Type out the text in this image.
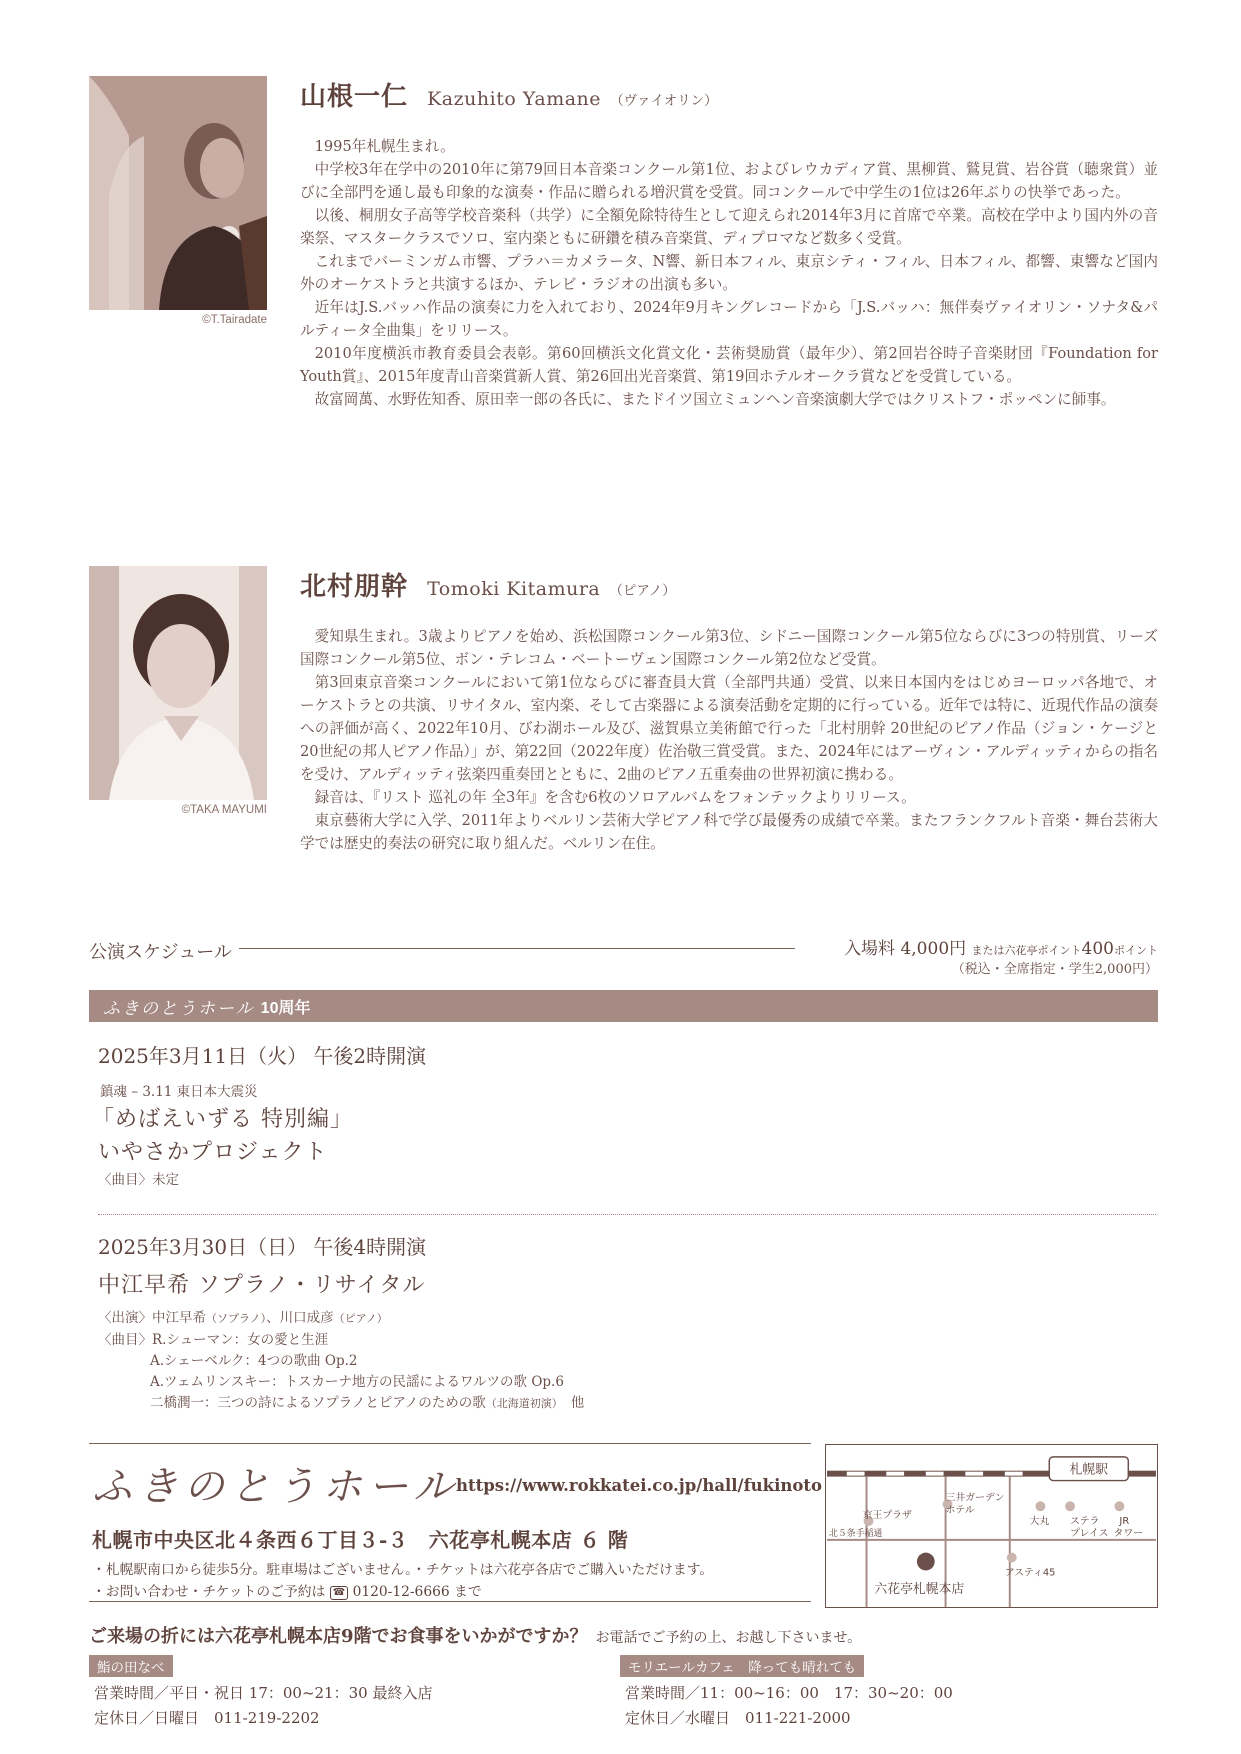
©T.Tairadate
山根一仁 Kazuhito Yamane （ヴァイオリン）

1995年札幌生まれ。

中学校3年在学中の2010年に第79回日本音楽コンクール第1位、およびレウカディア賞、黒柳賞、鷲見賞、岩谷賞（聴衆賞）並びに全部門を通し最も印象的な演奏・作品に贈られる増沢賞を受賞。同コンクールで中学生の1位は26年ぶりの快挙であった。

以後、桐朋女子高等学校音楽科（共学）に全額免除特待生として迎えられ2014年3月に首席で卒業。高校在学中より国内外の音楽祭、マスタークラスでソロ、室内楽ともに研鑽を積み音楽賞、ディプロマなど数多く受賞。

これまでバーミンガム市響、プラハ＝カメラータ、N響、新日本フィル、東京シティ・フィル、日本フィル、都響、東響など国内外のオーケストラと共演するほか、テレビ・ラジオの出演も多い。

近年はJ.S.バッハ作品の演奏に力を入れており、2024年9月キングレコードから「J.S.バッハ：無伴奏ヴァイオリン・ソナタ&パルティータ全曲集」をリリース。

2010年度横浜市教育委員会表彰。第60回横浜文化賞文化・芸術奨励賞（最年少）、第2回岩谷時子音楽財団『Foundation for Youth賞』、2015年度青山音楽賞新人賞、第26回出光音楽賞、第19回ホテルオークラ賞などを受賞している。

故富岡萬、水野佐知香、原田幸一郎の各氏に、またドイツ国立ミュンヘン音楽演劇大学ではクリストフ・ポッペンに師事。

©TAKA MAYUMI
北村朋幹 Tomoki Kitamura （ピアノ）

愛知県生まれ。3歳よりピアノを始め、浜松国際コンクール第3位、シドニー国際コンクール第5位ならびに3つの特別賞、リーズ国際コンクール第5位、ボン・テレコム・ベートーヴェン国際コンクール第2位など受賞。

第3回東京音楽コンクールにおいて第1位ならびに審査員大賞（全部門共通）受賞、以来日本国内をはじめヨーロッパ各地で、オーケストラとの共演、リサイタル、室内楽、そして古楽器による演奏活動を定期的に行っている。近年では特に、近現代作品の演奏への評価が高く、2022年10月、びわ湖ホール及び、滋賀県立美術館で行った「北村朋幹 20世紀のピアノ作品（ジョン・ケージと20世紀の邦人ピアノ作品）」が、第22回（2022年度）佐治敬三賞受賞。また、2024年にはアーヴィン・アルディッティからの指名を受け、アルディッティ弦楽四重奏団とともに、2曲のピアノ五重奏曲の世界初演に携わる。

録音は、『リスト 巡礼の年 全3年』を含む6枚のソロアルバムをフォンテックよりリリース。

東京藝術大学に入学、2011年よりベルリン芸術大学ピアノ科で学び最優秀の成績で卒業。またフランクフルト音楽・舞台芸術大学では歴史的奏法の研究に取り組んだ。ベルリン在住。

公演スケジュール	入場料 4,000円 または六花亭ポイント400ポイント
（税込・全席指定・学生2,000円）
ふきのとうホール 10周年
2025年3月11日（火） 午後2時開演
鎮魂 – 3.11 東日本大震災
「めばえいずる 特別編」
いやさかプロジェクト
〈曲目〉未定
2025年3月30日（日） 午後4時開演
中江早希 ソプラノ・リサイタル
〈出演〉中江早希（ソプラノ）、川口成彦（ピアノ）
〈曲目〉R.シューマン：女の愛と生涯
A.シェーベルク：4つの歌曲 Op.2
A.ツェムリンスキー：トスカーナ地方の民謡によるワルツの歌 Op.6
二橋潤一：三つの詩によるソプラノとピアノのための歌（北海道初演）　 他
ふきのとうホール
https://www.rokkatei.co.jp/hall/fukinoto
札幌市中央区北４条西６丁目３-３　六花亭札幌本店 ６ 階
・札幌駅南口から徒歩5分。駐車場はございません。・チケットは六花亭各店でご購入いただけます。
・お問い合わせ・チケットのご予約は ☎ 0120-12-6666 まで
札幌駅
京王プラザ
三井ガーデン
ホテル
大丸 ステラ
プレイス
JR
タワー
北５条手稲通
アスティ45
六花亭札幌本店
ご来場の折には六花亭札幌本店9階でお食事をいかがですか？ お電話でご予約の上、お越し下さいませ。
鮨の田なべ
営業時間／平日・祝日 17：00~21：30 最終入店
定休日／日曜日　011-219-2202
モリエールカフェ　降っても晴れても
営業時間／11：00~16：00　17：30~20：00
定休日／水曜日　011-221-2000
